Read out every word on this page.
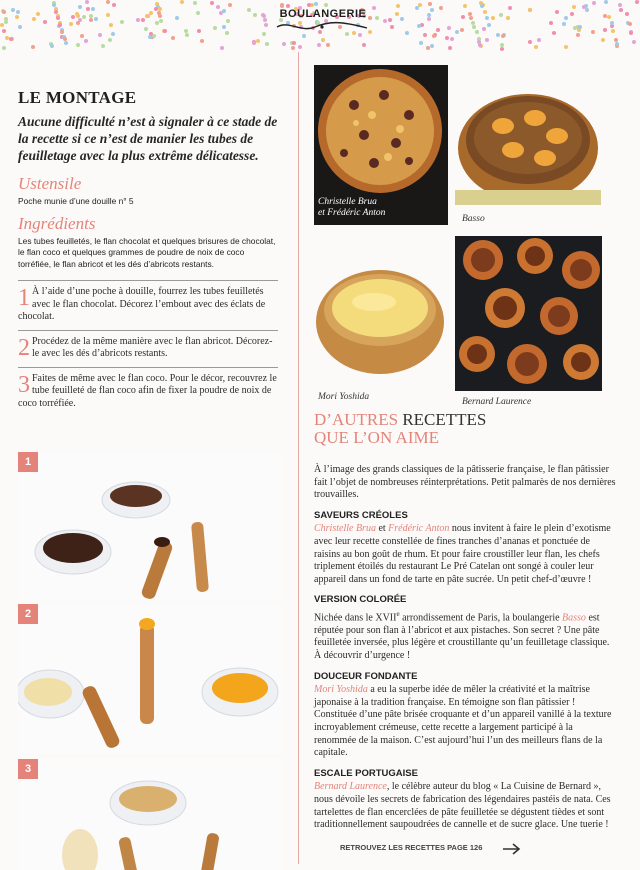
BOULANGERIE
LE MONTAGE

Aucune difficulté n’est à signaler à ce stade de la recette si ce n’est de manier les tubes de feuilletage avec la plus extrême délicatesse.

Ustensile
Poche munie d’une douille n° 5
Ingrédients
Les tubes feuilletés, le flan chocolat et quelques brisures de chocolat, le flan coco et quelques grammes de poudre de noix de coco torréfiée, le flan abricot et les dés d’abricots restants.
1 À l’aide d’une poche à douille, fourrez les tubes feuilletés avec le flan chocolat. Décorez l’embout avec des éclats de chocolat.
2 Procédez de la même manière avec le flan abricot. Décorez-le avec les dés d’abricots restants.
3 Faites de même avec le flan coco. Pour le décor, recouvrez le tube feuilleté de flan coco afin de fixer la poudre de noix de coco torréfiée.
1
2
3
Christelle Brua
et Frédéric Anton
Basso
Mori Yoshida	Bernard Laurence
D’AUTRES RECETTES
QUE L’ON AIME
À l’image des grands classiques de la pâtisserie française, le flan pâtissier fait l’objet de nombreuses réinterprétations. Petit palmarès de nos dernières trouvailles.
SAVEURS CRÉOLES
Christelle Brua et Frédéric Anton nous invitent à faire le plein d’exotisme avec leur recette constellée de fines tranches d’ananas et ponctuée de raisins au bon goût de rhum. Et pour faire croustiller leur flan, les chefs triplement étoilés du restaurant Le Pré Catelan ont songé à couler leur appareil dans un fond de tarte en pâte sucrée. Un petit chef-d’œuvre !
VERSION COLORÉE
Nichée dans le XVIIe arrondissement de Paris, la boulangerie Basso est réputée pour son flan à l’abricot et aux pistaches. Son secret ? Une pâte feuilletée inversée, plus légère et croustillante qu’un feuilletage classique. À découvrir d’urgence !
DOUCEUR FONDANTE
Mori Yoshida a eu la superbe idée de mêler la créativité et la maîtrise japonaise à la tradition française. En témoigne son flan pâtissier ! Constituée d’une pâte brisée croquante et d’un appareil vanillé à la texture incroyablement crémeuse, cette recette a largement participé à la renommée de la maison. C’est aujourd’hui l’un des meilleurs flans de la capitale.
ESCALE PORTUGAISE
Bernard Laurence, le célèbre auteur du blog « La Cuisine de Bernard », nous dévoile les secrets de fabrication des légendaires pastéis de nata. Ces tartelettes de flan encerclées de pâte feuilletée se dégustent tièdes et sont traditionnellement saupoudrées de cannelle et de sucre glace. Une tuerie !
RETROUVEZ LES RECETTES PAGE 126
